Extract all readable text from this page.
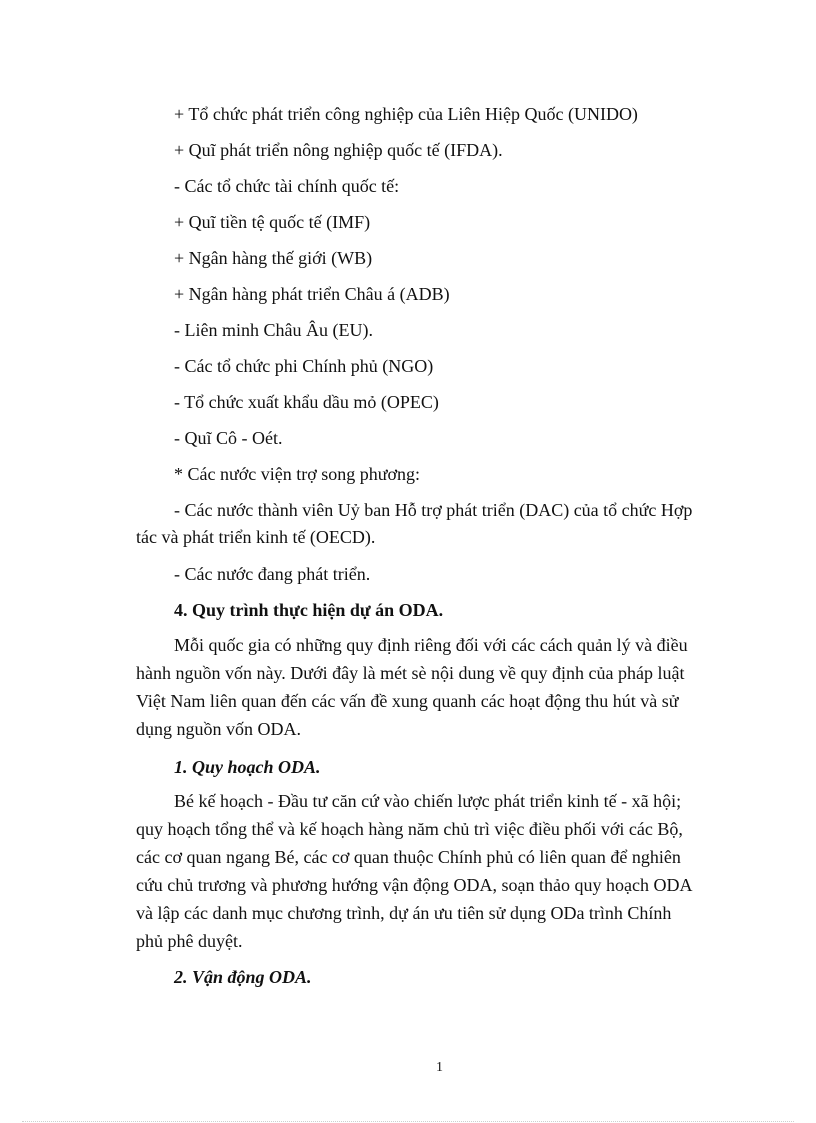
+ Tổ chức phát triển công nghiệp của Liên Hiệp Quốc (UNIDO)
+ Quĩ phát triển nông nghiệp quốc tế (IFDA).
- Các tổ chức tài chính quốc tế:
+ Quĩ tiền tệ quốc tế (IMF)
+ Ngân hàng thế giới (WB)
+ Ngân hàng phát triển Châu á (ADB)
- Liên minh Châu Âu (EU).
- Các tổ chức phi Chính phủ (NGO)
- Tổ chức xuất khẩu dầu mỏ (OPEC)
- Quĩ Cô - Oét.
* Các nước viện trợ song phương:
- Các nước thành viên Uỷ ban Hỗ trợ phát triển (DAC) của tổ chức Hợp
tác và phát triển kinh tế (OECD).
- Các nước đang phát triển.
4. Quy trình thực hiện dự án ODA.
Mỗi quốc gia có những quy định riêng đối với các cách quản lý và điều
hành nguồn vốn này. Dưới đây là mét sè nội dung về quy định của pháp luật
Việt Nam liên quan đến các vấn đề xung quanh các hoạt động thu hút và sử
dụng nguồn vốn ODA.
1. Quy hoạch ODA.
Bé kế hoạch - Đầu tư căn cứ vào chiến lược phát triển kinh tế - xã hội;
quy hoạch tổng thể và kế hoạch hàng năm chủ trì việc điều phối với các Bộ,
các cơ quan ngang Bé, các cơ quan thuộc Chính phủ có liên quan để nghiên
cứu chủ trương và phương hướng vận động ODA, soạn thảo quy hoạch ODA
và lập các danh mục chương trình, dự án ưu tiên sử dụng ODa trình Chính
phủ phê duyệt.
2. Vận động ODA.
1
